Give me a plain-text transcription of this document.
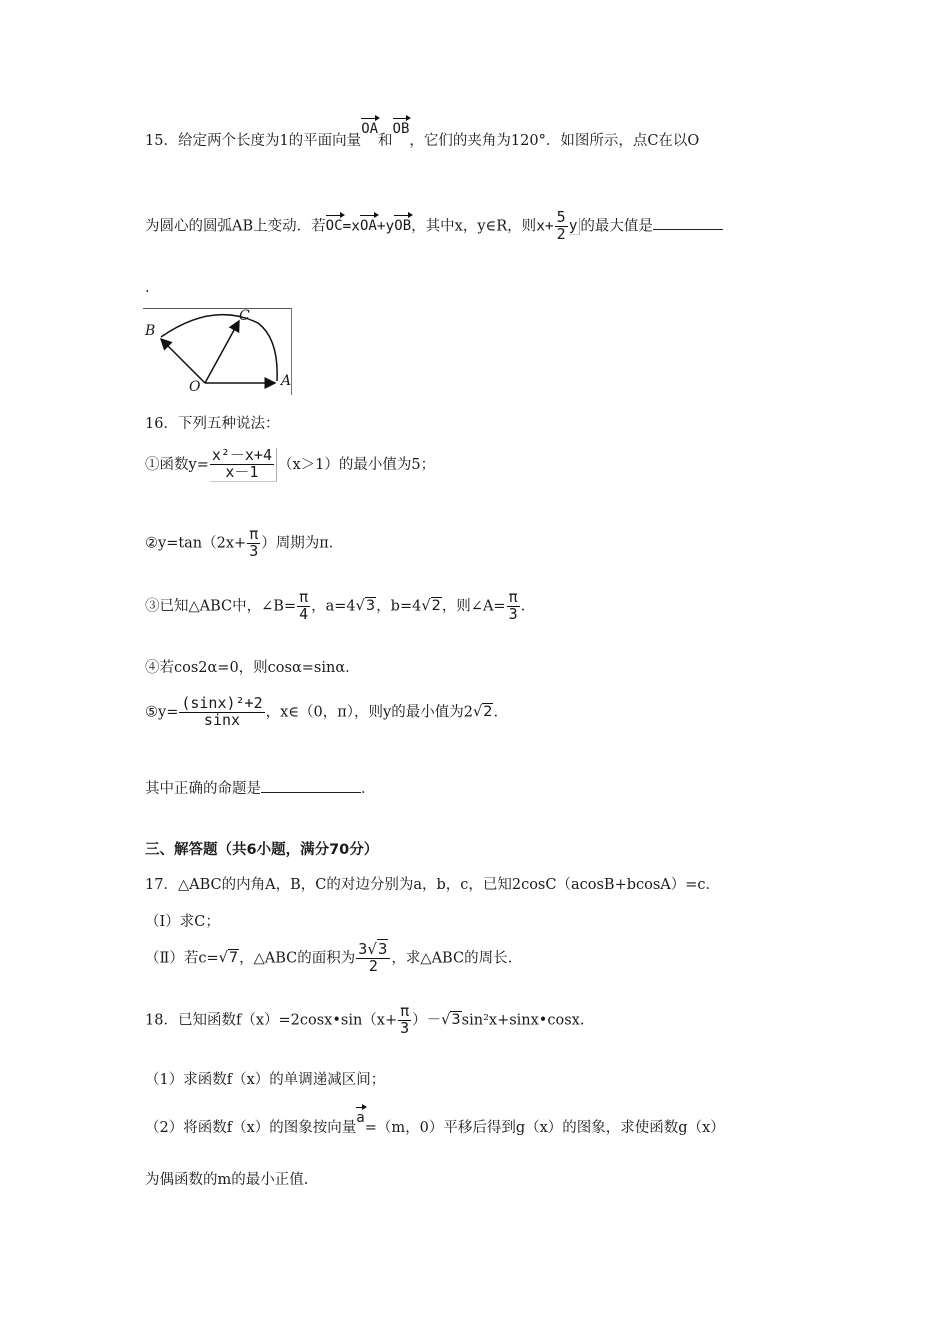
15．给定两个长度为1的平面向量OA和OB，它们的夹角为120°．如图所示，点C在以O
为圆心的圆弧AB上变动．若OC=xOA+yOB，其中x，y∈R，则$x+ \frac{5}{2}$ y 的最大值是
．
B
C
O	A
16．下列五种说法：
①函数$y= \frac{\text{x²－x+4}}{x-1} (x>1)$的最小值为5；
②y=tan（2x+ $\frac{\pi}{3}$ ）周期为π．
③已知△ABC中，∠B= $\frac{\pi}{4}$ ，a=4√3，b=4√2，则∠A= $\frac{\pi}{3}$ .
④若cos2α=0，则cosα=sinα．
⑤y= $\frac{\text{(sinx)²+2}}{\sin x}$ ，x∈（0，π），则y的最小值为2√2.
其中正确的命题是	．
三、解答题（共6小题，满分70分）
17．△ABC的内角A，B，C的对边分别为a，b，c，已知2cosC（acosB+bcosA）=c．
（Ⅰ）求C；
（Ⅱ）若c=√7，△ABC的面积为 $\frac{3√3}{2}$ ，求△ABC的周长.
18．已知函数f（x）=2cosx•sin（x+ $\frac{\pi}{3}$ ）－√3sin²x+sinx•cosx.
（1）求函数f（x）的单调递减区间；
（2）将函数f（x）的图象按向量a=（m，0）平移后得到g（x）的图象，求使函数g（x）
为偶函数的m的最小正值.
